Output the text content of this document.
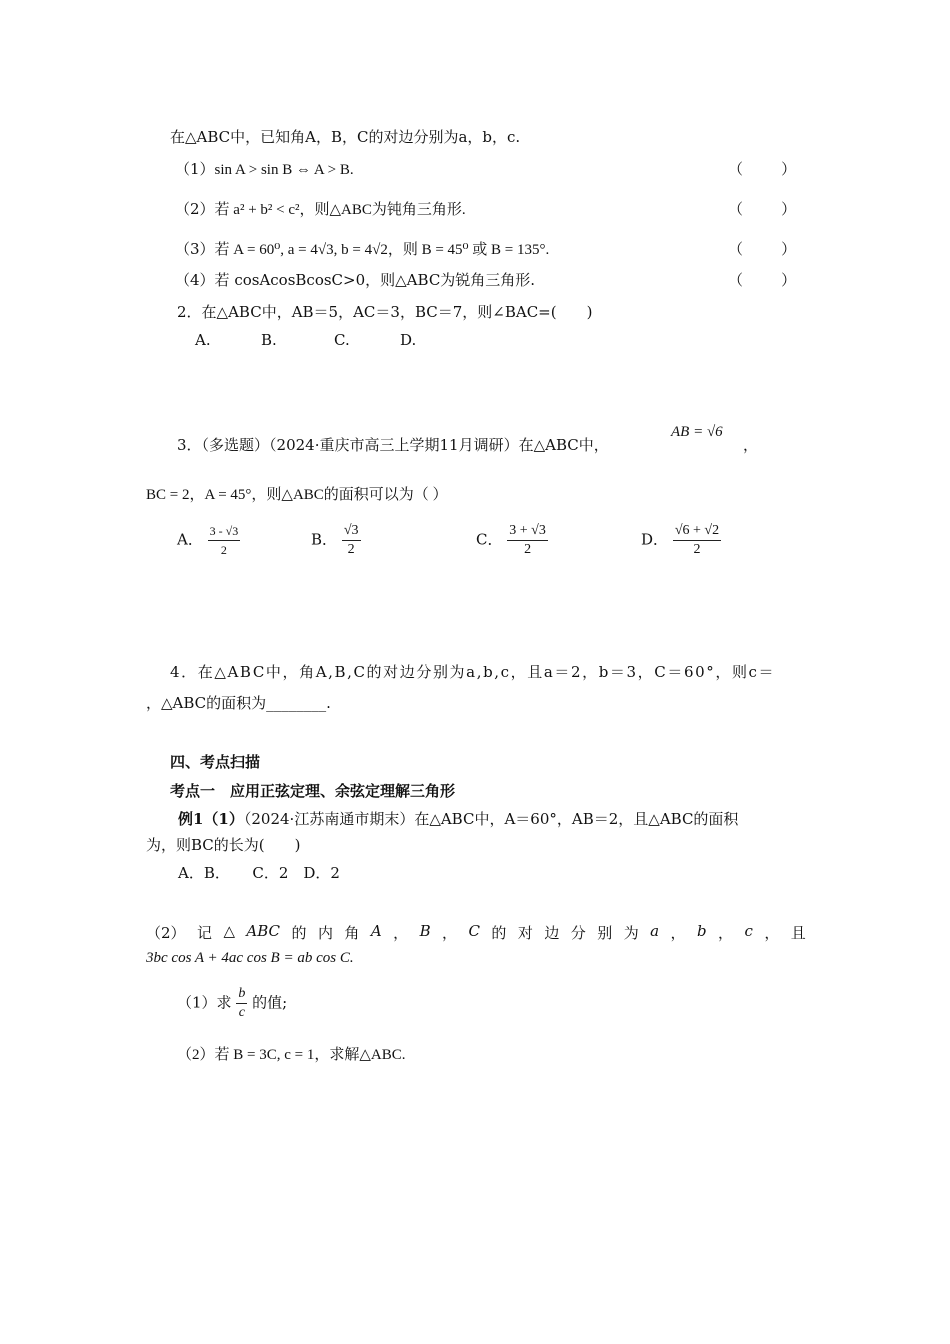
在△ABC中，已知角A，B，C的对边分别为a，b，c.
（1）sin A > sin B ⇔ A > B.	（        ）
（2）若 a² + b² < c²，则△ABC为钝角三角形.	（        ）
（3）若 A = 60⁰, a = 4√3, b = 4√2，则 B = 45⁰ 或 B = 135°.	（        ）
（4）若 cosAcosBcosC>0，则△ABC为锐角三角形.	（        ）
2．在△ABC中，AB＝5，AC＝3，BC＝7，则∠BAC=(　　)
A.	B.	C.	D.
3．（多选题）（2024·重庆市高三上学期11月调研）在△ABC中，
AB = √6
，
BC = 2，A = 45°，则△ABC的面积可以为（ ）
A． $\frac{3 - √3}{2}$	B． $\frac{√3}{2}$	C． $\frac{3 + √3}{2}$	D． $\frac{√6 + √2}{2}$
4．在△ABC中，角A,B,C的对边分别为a,b,c，且a＝2，b＝3，C＝60°，则c＝
，△ABC的面积为________.
四、考点扫描
考点一　应用正弦定理、余弦定理解三角形
例1（1）（2024·江苏南通市期末）在△ABC中，A＝60°，AB＝2，且△ABC的面积
为，则BC的长为(　　)
A．B．　　C．2　D．2
（2） 记 △ ABC 的 内 角 A ， B ， C 的 对 边 分 别 为 a ， b ， c ， 且
3bc cos A + 4ac cos B = ab cos C.
（1）求 $\frac{b}{c}$ 的值;
（2）若 B = 3C, c = 1，求解△ABC.
